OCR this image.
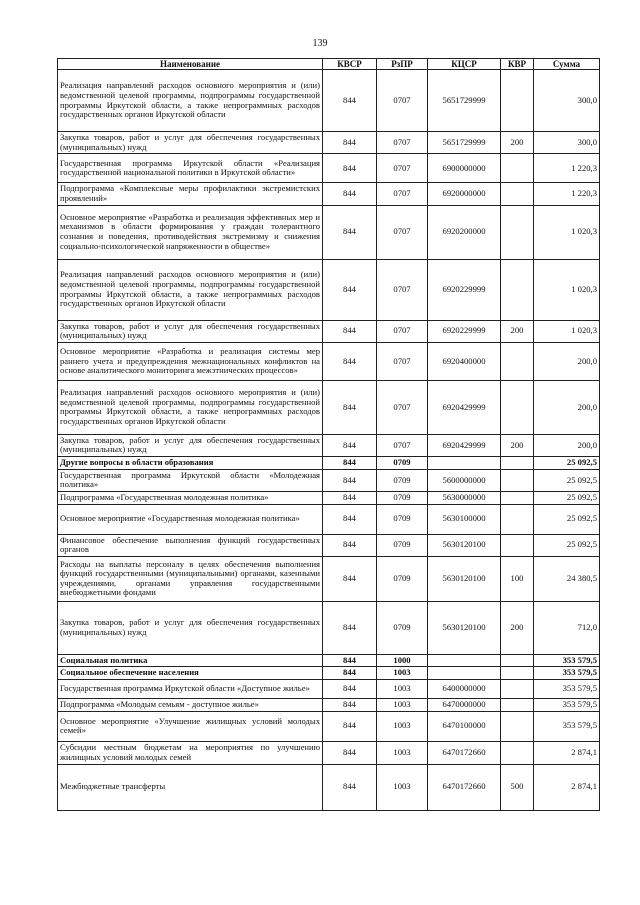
139
Наименование	КВСР	РзПР	КЦСР	КВР	Сумма
Реализация направлений расходов основного мероприятия и (или) ведомственной целевой программы, подпрограммы государственной программы Иркутской области, а также непрограммных расходов государственных органов Иркутской области	844	0707	5651729999		300,0
Закупка товаров, работ и услуг для обеспечения государственных (муниципальных) нужд	844	0707	5651729999	200	300,0
Государственная программа Иркутской области «Реализация государственной национальной политики в Иркутской области»	844	0707	6900000000		1 220,3
Подпрограмма «Комплексные меры профилактики экстремистских проявлений»	844	0707	6920000000		1 220,3
Основное мероприятие «Разработка и реализация эффективных мер и механизмов в области формирования у граждан толерантного сознания и поведения, противодействия экстремизму и снижения социально-психологической напряженности в обществе»	844	0707	6920200000		1 020,3
Реализация направлений расходов основного мероприятия и (или) ведомственной целевой программы, подпрограммы государственной программы Иркутской области, а также непрограммных расходов государственных органов Иркутской области	844	0707	6920229999		1 020,3
Закупка товаров, работ и услуг для обеспечения государственных (муниципальных) нужд	844	0707	6920229999	200	1 020,3
Основное мероприятие «Разработка и реализация системы мер раннего учета и предупреждения межнациональных конфликтов на основе аналитического мониторинга межэтнических процессов»	844	0707	6920400000		200,0
Реализация направлений расходов основного мероприятия и (или) ведомственной целевой программы, подпрограммы государственной программы Иркутской области, а также непрограммных расходов государственных органов Иркутской области	844	0707	6920429999		200,0
Закупка товаров, работ и услуг для обеспечения государственных (муниципальных) нужд	844	0707	6920429999	200	200,0
Другие вопросы в области образования	844	0709			25 092,5
Государственная программа Иркутской области «Молодежная политика»	844	0709	5600000000		25 092,5
Подпрограмма «Государственная молодежная политика»	844	0709	5630000000		25 092,5
Основное мероприятие «Государственная молодежная политика»	844	0709	5630100000		25 092,5
Финансовое обеспечение выполнения функций государственных органов	844	0709	5630120100		25 092,5
Расходы на выплаты персоналу в целях обеспечения выполнения функций государственными (муниципальными) органами, казенными учреждениями, органами управления государственными внебюджетными фондами	844	0709	5630120100	100	24 380,5
Закупка товаров, работ и услуг для обеспечения государственных (муниципальных) нужд	844	0709	5630120100	200	712,0
Социальная политика	844	1000			353 579,5
Социальное обеспечение населения	844	1003			353 579,5
Государственная программа Иркутской области «Доступное жилье»	844	1003	6400000000		353 579,5
Подпрограмма «Молодым семьям - доступное жилье»	844	1003	6470000000		353 579,5
Основное мероприятие «Улучшение жилищных условий молодых семей»	844	1003	6470100000		353 579,5
Субсидии местным бюджетам на мероприятия по улучшению жилищных условий молодых семей	844	1003	6470172660		2 874,1
Межбюджетные трансферты	844	1003	6470172660	500	2 874,1
